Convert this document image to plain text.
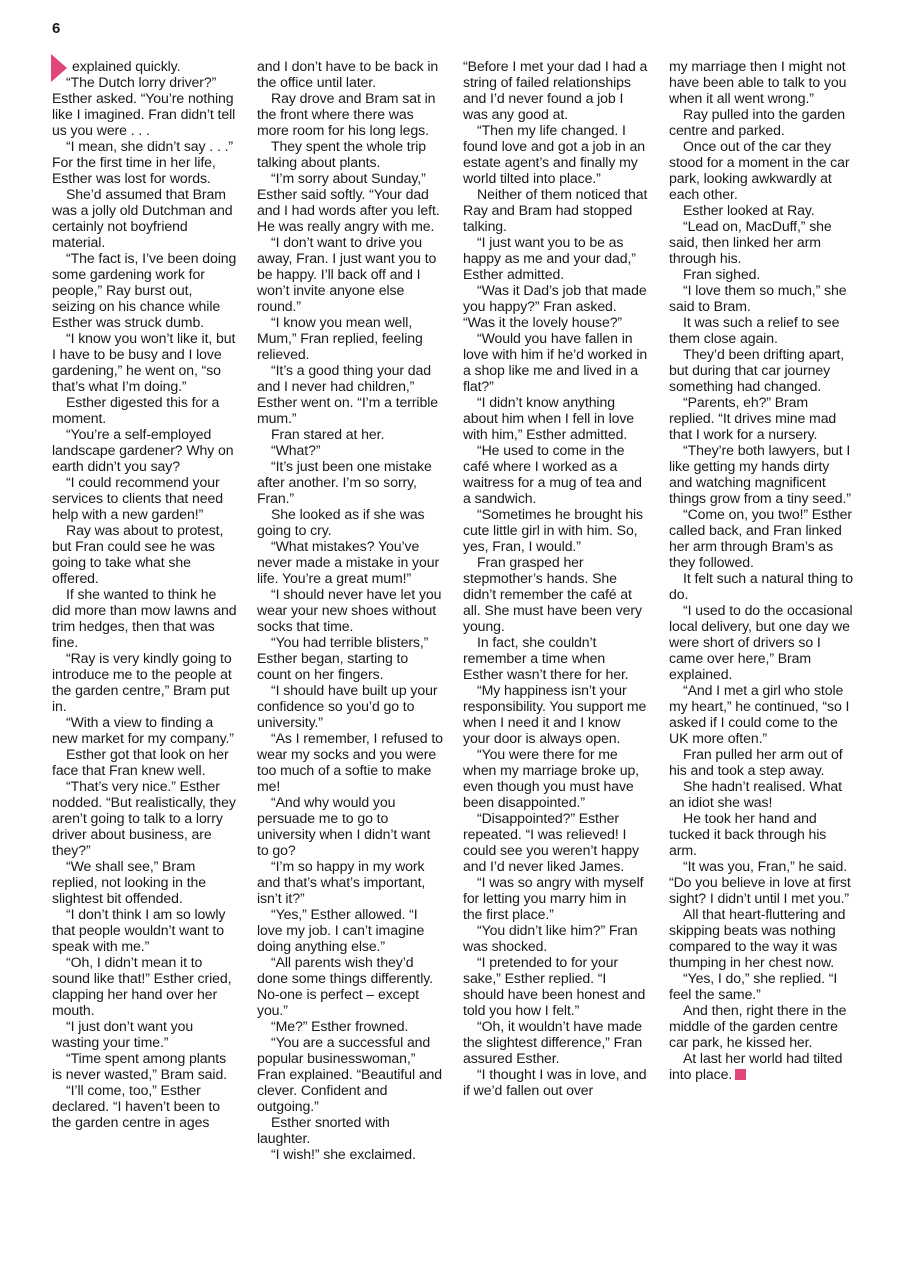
6

explained quickly.

“The Dutch lorry driver?” Esther asked. “You’re nothing like I imagined. Fran didn’t tell us you were . . .

“I mean, she didn’t say . . .” For the first time in her life, Esther was lost for words.

She’d assumed that Bram was a jolly old Dutchman and certainly not boyfriend material.

“The fact is, I’ve been doing some gardening work for people,” Ray burst out, seizing on his chance while Esther was struck dumb.

“I know you won’t like it, but I have to be busy and I love gardening,” he went on, “so that’s what I’m doing.”

Esther digested this for a moment.

“You’re a self-employed landscape gardener? Why on earth didn’t you say?

“I could recommend your services to clients that need help with a new garden!”

Ray was about to protest, but Fran could see he was going to take what she offered.

If she wanted to think he did more than mow lawns and trim hedges, then that was fine.

“Ray is very kindly going to introduce me to the people at the garden centre,” Bram put in.

“With a view to finding a new market for my company.”

Esther got that look on her face that Fran knew well.

“That’s very nice.” Esther nodded. “But realistically, they aren’t going to talk to a lorry driver about business, are they?”

“We shall see,” Bram replied, not looking in the slightest bit offended.

“I don’t think I am so lowly that people wouldn’t want to speak with me.”

“Oh, I didn’t mean it to sound like that!” Esther cried, clapping her hand over her mouth.

“I just don’t want you wasting your time.”

“Time spent among plants is never wasted,” Bram said.

“I’ll come, too,” Esther declared. “I haven’t been to the garden centre in ages

and I don’t have to be back in the office until later.

Ray drove and Bram sat in the front where there was more room for his long legs.

They spent the whole trip talking about plants.

“I’m sorry about Sunday,” Esther said softly. “Your dad and I had words after you left. He was really angry with me.

“I don’t want to drive you away, Fran. I just want you to be happy. I’ll back off and I won’t invite anyone else round.”

“I know you mean well, Mum,” Fran replied, feeling relieved.

“It’s a good thing your dad and I never had children,” Esther went on. “I’m a terrible mum.”

Fran stared at her.

“What?”

“It’s just been one mistake after another. I’m so sorry, Fran.”

She looked as if she was going to cry.

“What mistakes? You’ve never made a mistake in your life. You’re a great mum!”

“I should never have let you wear your new shoes without socks that time.

“You had terrible blisters,” Esther began, starting to count on her fingers.

“I should have built up your confidence so you’d go to university.”

“As I remember, I refused to wear my socks and you were too much of a softie to make me!

“And why would you persuade me to go to university when I didn’t want to go?

“I’m so happy in my work and that’s what’s important, isn’t it?”

“Yes,” Esther allowed. “I love my job. I can’t imagine doing anything else.”

“All parents wish they’d done some things differently. No-one is perfect – except you.”

“Me?” Esther frowned.

“You are a successful and popular businesswoman,” Fran explained. “Beautiful and clever. Confident and outgoing.”

Esther snorted with laughter.

“I wish!” she exclaimed.

“Before I met your dad I had a string of failed relationships and I’d never found a job I was any good at.

“Then my life changed. I found love and got a job in an estate agent’s and finally my world tilted into place.”

Neither of them noticed that Ray and Bram had stopped talking.

“I just want you to be as happy as me and your dad,” Esther admitted.

“Was it Dad’s job that made you happy?” Fran asked. “Was it the lovely house?”

“Would you have fallen in love with him if he’d worked in a shop like me and lived in a flat?”

“I didn’t know anything about him when I fell in love with him,” Esther admitted.

“He used to come in the café where I worked as a waitress for a mug of tea and a sandwich.

“Sometimes he brought his cute little girl in with him. So, yes, Fran, I would.”

Fran grasped her stepmother’s hands. She didn’t remember the café at all. She must have been very young.

In fact, she couldn’t remember a time when Esther wasn’t there for her.

“My happiness isn’t your responsibility. You support me when I need it and I know your door is always open.

“You were there for me when my marriage broke up, even though you must have been disappointed.”

“Disappointed?” Esther repeated. “I was relieved! I could see you weren’t happy and I’d never liked James.

“I was so angry with myself for letting you marry him in the first place.”

“You didn’t like him?” Fran was shocked.

“I pretended to for your sake,” Esther replied. “I should have been honest and told you how I felt.”

“Oh, it wouldn’t have made the slightest difference,” Fran assured Esther.

“I thought I was in love, and if we’d fallen out over

my marriage then I might not have been able to talk to you when it all went wrong.”

Ray pulled into the garden centre and parked.

Once out of the car they stood for a moment in the car park, looking awkwardly at each other.

Esther looked at Ray.

“Lead on, MacDuff,” she said, then linked her arm through his.

Fran sighed.

“I love them so much,” she said to Bram.

It was such a relief to see them close again.

They’d been drifting apart, but during that car journey something had changed.

“Parents, eh?” Bram replied. “It drives mine mad that I work for a nursery.

“They’re both lawyers, but I like getting my hands dirty and watching magnificent things grow from a tiny seed.”

“Come on, you two!” Esther called back, and Fran linked her arm through Bram’s as they followed.

It felt such a natural thing to do.

“I used to do the occasional local delivery, but one day we were short of drivers so I came over here,” Bram explained.

“And I met a girl who stole my heart,” he continued, “so I asked if I could come to the UK more often.”

Fran pulled her arm out of his and took a step away.

She hadn’t realised. What an idiot she was!

He took her hand and tucked it back through his arm.

“It was you, Fran,” he said. “Do you believe in love at first sight? I didn’t until I met you.”

All that heart-fluttering and skipping beats was nothing compared to the way it was thumping in her chest now.

“Yes, I do,” she replied. “I feel the same.”

And then, right there in the middle of the garden centre car park, he kissed her.

At last her world had tilted into place.
